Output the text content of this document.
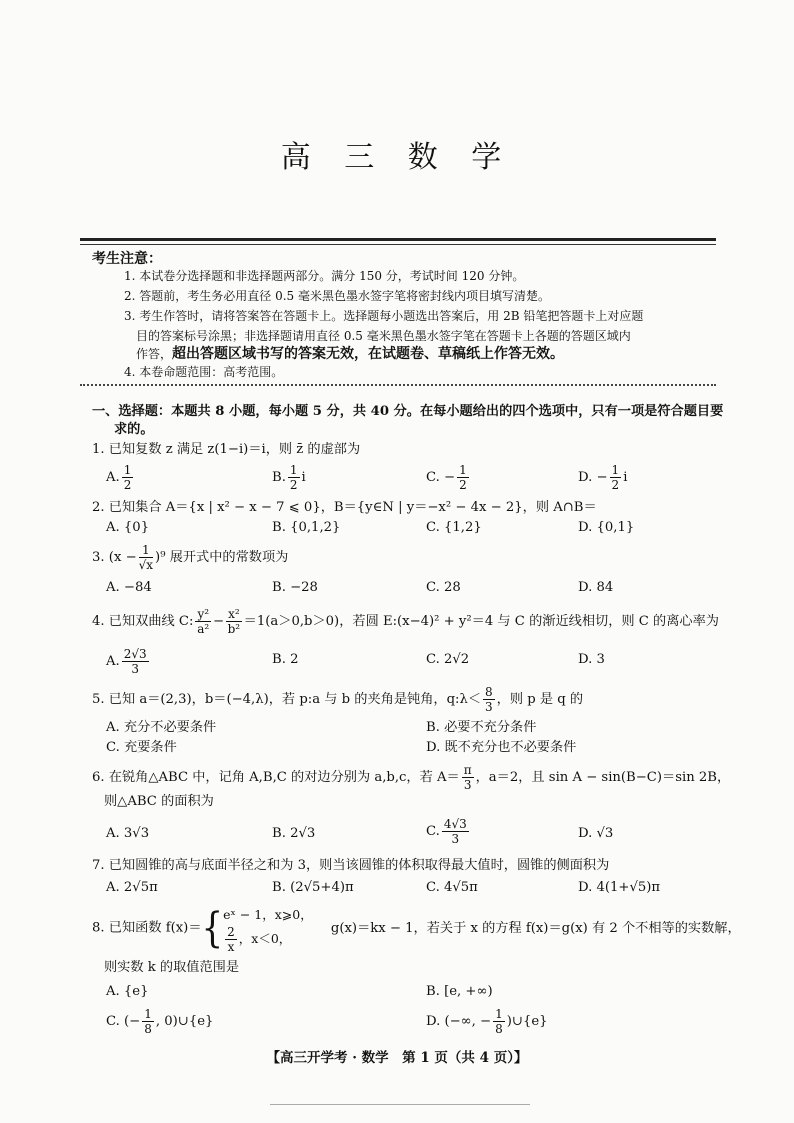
高 三 数 学
考生注意：
1. 本试卷分选择题和非选择题两部分。满分 150 分，考试时间 120 分钟。
2. 答题前，考生务必用直径 0.5 毫米黑色墨水签字笔将密封线内项目填写清楚。
3. 考生作答时，请将答案答在答题卡上。选择题每小题选出答案后，用 2B 铅笔把答题卡上对应题
目的答案标号涂黑；非选择题请用直径 0.5 毫米黑色墨水签字笔在答题卡上各题的答题区域内
作答，超出答题区域书写的答案无效，在试题卷、草稿纸上作答无效。
4. 本卷命题范围：高考范围。
一、选择题：本题共 8 小题，每小题 5 分，共 40 分。在每小题给出的四个选项中，只有一项是符合题目要
求的。
1. 已知复数 z 满足 z(1−i)＝i，则 z̄ 的虚部为
A. $\frac{1}{2}$	B. $\frac{1}{2}$ i	C. − $\frac{1}{2}$	D. − $\frac{1}{2}$ i
2. 已知集合 A＝{x | x² − x − 7 ⩽ 0}，B＝{y∈N | y＝−x² − 4x − 2}，则 A∩B＝
A. {0}	B. {0,1,2}	C. {1,2}	D. {0,1}
3. $(x - \frac{1}{√x} )^9$ 展开式中的常数项为
A. −84	B. −28	C. 28	D. 84
4. 已知双曲线 C: $\frac{\text{y²}}{\text{a²}} - \frac{\text{x²}}{\text{b²}} =1(a>0,b>0)$，若圆 E:(x−4)² + y²＝4 与 C 的渐近线相切，则 C 的离心率为
A. $\frac{2√3}{3}$	B. 2	C. 2√2	D. 3
5. 已知 a＝(2,3)，b＝(−4,λ)，若 p:a 与 b 的夹角是钝角，q:λ＜ $\frac{8}{3}$ ，则 p 是 q 的
A. 充分不必要条件	B. 必要不充分条件
C. 充要条件	D. 既不充分也不必要条件
6. 在锐角△ABC 中，记角 A,B,C 的对边分别为 a,b,c，若 $A= \frac{\pi}{3}$ ，a＝2，且 sin A − sin(B−C)＝sin 2B，
则△ABC 的面积为
A. 3√3	B. 2√3	C. $\frac{4√3}{3}$	D. √3
7. 已知圆锥的高与底面半径之和为 3，则当该圆锥的体积取得最大值时，圆锥的侧面积为
A. 2√5π	B. (2√5+4)π	C. 4√5π	D. 4(1+√5)π
8. 已知函数 f(x)＝{eˣ − 1，x⩾0，

$\frac{2}{x}$ ，x＜0， g(x)＝kx − 1，若关于 x 的方程 f(x)＝g(x) 有 2 个不相等的实数解，
则实数 k 的取值范围是
A. {e}	B. [e, +∞)
C. (− $\frac{1}{8}$ , 0)∪{e}	D. (−∞, − $\frac{1}{8}$ )∪{e}
【高三开学考 · 数学　第 1 页（共 4 页）】
